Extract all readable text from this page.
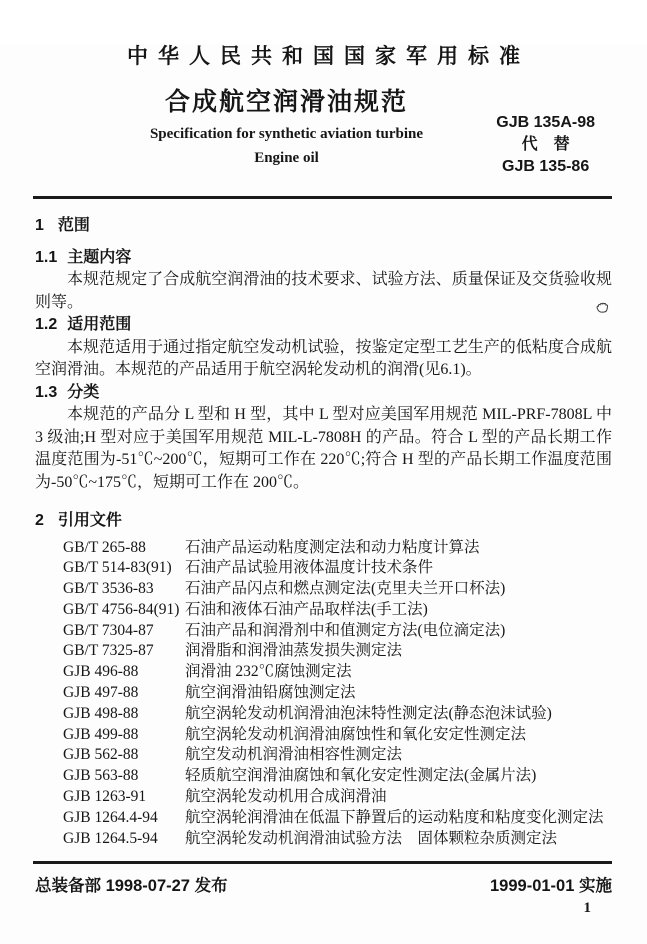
中华人民共和国国家军用标准
合成航空润滑油规范
Specification for synthetic aviation turbine
Engine oil
GJB 135A-98
代　替
GJB 135-86
1 范围
1.1 主题内容

本规范规定了合成航空润滑油的技术要求、试验方法、质量保证及交货验收规则等。

1.2 适用范围

本规范适用于通过指定航空发动机试验，按鉴定定型工艺生产的低粘度合成航空润滑油。本规范的产品适用于航空涡轮发动机的润滑(见6.1)。

1.3 分类

本规范的产品分 L 型和 H 型，其中 L 型对应美国军用规范 MIL-PRF-7808L 中 3 级油;H 型对应于美国军用规范 MIL-L-7808H 的产品。符合 L 型的产品长期工作温度范围为-51℃~200℃，短期可工作在 220℃;符合 H 型的产品长期工作温度范围为-50℃~175℃，短期可工作在 200℃。

2 引用文件
GB/T 265-88	石油产品运动粘度测定法和动力粘度计算法
GB/T 514-83(91) 石油产品试验用液体温度计技术条件
GB/T 3536-83	石油产品闪点和燃点测定法(克里夫兰开口杯法)
GB/T 4756-84(91) 石油和液体石油产品取样法(手工法)
GB/T 7304-87	石油产品和润滑剂中和值测定方法(电位滴定法)
GB/T 7325-87	润滑脂和润滑油蒸发损失测定法
GJB 496-88	润滑油 232℃腐蚀测定法
GJB 497-88	航空润滑油铅腐蚀测定法
GJB 498-88	航空涡轮发动机润滑油泡沫特性测定法(静态泡沫试验)
GJB 499-88	航空涡轮发动机润滑油腐蚀性和氧化安定性测定法
GJB 562-88	航空发动机润滑油相容性测定法
GJB 563-88	轻质航空润滑油腐蚀和氧化安定性测定法(金属片法)
GJB 1263-91	航空涡轮发动机用合成润滑油
GJB 1264.4-94	航空涡轮润滑油在低温下静置后的运动粘度和粘度变化测定法
GJB 1264.5-94	航空涡轮发动机润滑油试验方法　固体颗粒杂质测定法
总装备部 1998-07-27 发布	1999-01-01 实施
1
